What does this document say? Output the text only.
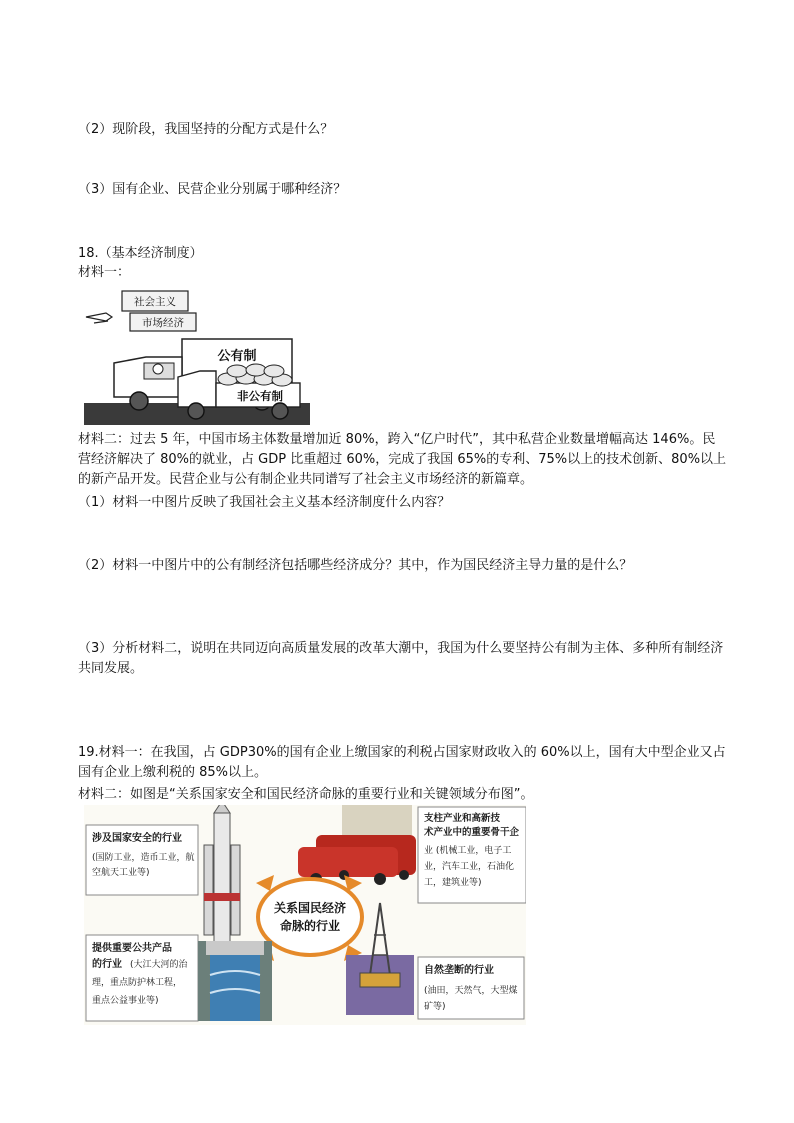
（2）现阶段，我国坚持的分配方式是什么？
（3）国有企业、民营企业分别属于哪种经济？
18.（基本经济制度）
材料一：
社会主义
市场经济
公有制
非公有制
材料二：过去 5 年，中国市场主体数量增加近 80%，跨入“亿户时代”，其中私营企业数量增幅高达 146%。民营经济解决了 80%的就业，占 GDP 比重超过 60%，完成了我国 65%的专利、75%以上的技术创新、80%以上的新产品开发。民营企业与公有制企业共同谱写了社会主义市场经济的新篇章。
（1）材料一中图片反映了我国社会主义基本经济制度什么内容？
（2）材料一中图片中的公有制经济包括哪些经济成分？其中，作为国民经济主导力量的是什么？
（3）分析材料二，说明在共同迈向高质量发展的改革大潮中，我国为什么要坚持公有制为主体、多种所有制经济共同发展。
19.材料一：在我国，占 GDP30%的国有企业上缴国家的利税占国家财政收入的 60%以上，国有大中型企业又占国有企业上缴利税的 85%以上。
材料二：如图是“关系国家安全和国民经济命脉的重要行业和关键领域分布图”。
涉及国家安全的行业
(国防工业，造币工业，航
空航天工业等)
支柱产业和高新技
术产业中的重要骨干企
业 (机械工业，电子工
业，汽车工业，石油化
工，建筑业等)
关系国民经济
命脉的行业
提供重要公共产品
的行业 (大江大河的治
理，重点防护林工程，
重点公益事业等)
自然垄断的行业
(油田，天然气，大型煤
矿等)
